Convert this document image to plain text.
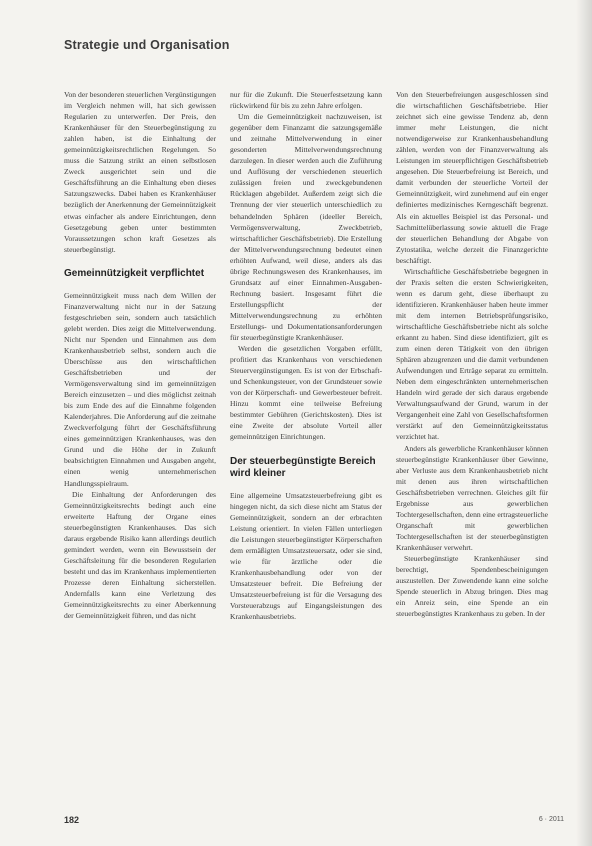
Strategie und Organisation

Von der besonderen steuerlichen Vergünstigungen im Vergleich nehmen will, hat sich gewissen Regularien zu unterwerfen. Der Preis, den Krankenhäuser für den Steuerbegünstigung zu zahlen haben, ist die Einhaltung der gemeinnützigkeitsrechtlichen Regelungen. So muss die Satzung strikt an einen selbstlosen Zweck ausgerichtet sein und die Geschäftsführung an die Einhaltung eben dieses Satzungszwecks. Dabei haben es Krankenhäuser bezüglich der Anerkennung der Gemeinnützigkeit etwas einfacher als andere Einrichtungen, denn Gesetzgebung geben unter bestimmten Voraussetzungen schon kraft Gesetzes als steuerbegünstigt.

Gemeinnützigkeit verpflichtet

Gemeinnützigkeit muss nach dem Willen der Finanzverwaltung nicht nur in der Satzung festgeschrieben sein, sondern auch tatsächlich gelebt werden. Dies zeigt die Mittelverwendung. Nicht nur Spenden und Einnahmen aus dem Krankenhausbetrieb selbst, sondern auch die Überschüsse aus den wirtschaftlichen Geschäftsbetrieben und der Vermögensverwaltung sind im gemeinnützigen Bereich einzusetzen – und dies möglichst zeitnah bis zum Ende des auf die Einnahme folgenden Kalenderjahres. Die Anforderung auf die zeitnahe Zweckverfolgung führt der Geschäftsführung eines gemeinnützigen Krankenhauses, was den Grund und die Höhe der in Zukunft beabsichtigten Einnahmen und Ausgaben angeht, einen wenig unternehmerischen Handlungsspielraum.

Die Einhaltung der Anforderungen des Gemeinnützigkeitsrechts bedingt auch eine erweiterte Haftung der Organe eines steuerbegünstigten Krankenhauses. Das sich daraus ergebende Risiko kann allerdings deutlich gemindert werden, wenn ein Bewusstsein der Geschäftsleitung für die besonderen Regularien besteht und das im Krankenhaus implementierten Prozesse deren Einhaltung sicherstellen. Andernfalls kann eine Verletzung des Gemeinnützigkeitsrechts zu einer Aberkennung der Gemeinnützigkeit führen, und das nicht

nur für die Zukunft. Die Steuerfestsetzung kann rückwirkend für bis zu zehn Jahre erfolgen.

Um die Gemeinnützigkeit nachzuweisen, ist gegenüber dem Finanzamt die satzungsgemäße und zeitnahe Mittelverwendung in einer gesonderten Mittelverwendungsrechnung darzulegen. In dieser werden auch die Zuführung und Auflösung der verschiedenen steuerlich zulässigen freien und zweckgebundenen Rücklagen abgebildet. Außerdem zeigt sich die Trennung der vier steuerlich unterschiedlich zu behandelnden Sphären (ideeller Bereich, Vermögensverwaltung, Zweckbetrieb, wirtschaftlicher Geschäftsbetrieb). Die Erstellung der Mittelverwendungsrechnung bedeutet einen erhöhten Aufwand, weil diese, anders als das übrige Rechnungswesen des Krankenhauses, im Grundsatz auf einer Einnahmen-Ausgaben-Rechnung basiert. Insgesamt führt die Erstellungspflicht der Mittelverwendungsrechnung zu erhöhten Erstellungs- und Dokumentationsanforderungen für steuerbegünstigte Krankenhäuser.

Werden die gesetzlichen Vorgaben erfüllt, profitiert das Krankenhaus von verschiedenen Steuervergünstigungen. Es ist von der Erbschaft- und Schenkungsteuer, von der Grundsteuer sowie von der Körperschaft- und Gewerbesteuer befreit. Hinzu kommt eine teilweise Befreiung bestimmter Gebühren (Gerichtskosten). Dies ist eine Zweite der absolute Vorteil aller gemeinnützigen Einrichtungen.

Der steuerbegünstigte Bereich wird kleiner

Eine allgemeine Umsatzsteuerbefreiung gibt es hingegen nicht, da sich diese nicht am Status der Gemeinnützigkeit, sondern an der erbrachten Leistung orientiert. In vielen Fällen unterliegen die Leistungen steuerbegünstigter Körperschaften dem ermäßigten Umsatzsteuersatz, oder sie sind, wie für ärztliche oder die Krankenhausbehandlung oder von der Umsatzsteuer befreit. Die Befreiung der Umsatzsteuerbefreiung ist für die Versagung des Vorsteuerabzugs auf Eingangsleistungen des Krankenhausbetriebs.

Von den Steuerbefreiungen ausgeschlossen sind die wirtschaftlichen Geschäftsbetriebe. Hier zeichnet sich eine gewisse Tendenz ab, denn immer mehr Leistungen, die nicht notwendigerweise zur Krankenhausbehandlung zählen, werden von der Finanzverwaltung als Leistungen im steuerpflichtigen Geschäftsbetrieb angesehen. Die Steuerbefreiung ist Bereich, und damit verbunden der steuerliche Vorteil der Gemeinnützigkeit, wird zunehmend auf ein enger definiertes medizinisches Kerngeschäft begrenzt. Als ein aktuelles Beispiel ist das Personal- und Sachmittelüberlassung sowie aktuell die Frage der steuerlichen Behandlung der Abgabe von Zytostatika, welche derzeit die Finanzgerichte beschäftigt.

Wirtschaftliche Geschäftsbetriebe begegnen in der Praxis selten die ersten Schwierigkeiten, wenn es darum geht, diese überhaupt zu identifizieren. Krankenhäuser haben heute immer mit dem internen Betriebsprüfungsrisiko, wirtschaftliche Geschäftsbetriebe nicht als solche erkannt zu haben. Sind diese identifiziert, gilt es zum einen deren Tätigkeit von den übrigen Sphären abzugrenzen und die damit verbundenen Aufwendungen und Erträge separat zu ermitteln. Neben dem eingeschränkten unternehmerischen Handeln wird gerade der sich daraus ergebende Verwaltungsaufwand der Grund, warum in der Vergangenheit eine Zahl von Gesellschaftsformen verstärkt auf den Gemeinnützigkeitsstatus verzichtet hat.

Anders als gewerbliche Krankenhäuser können steuerbegünstigte Krankenhäuser über Gewinne, aber Verluste aus dem Krankenhausbetrieb nicht mit denen aus ihren wirtschaftlichen Geschäftsbetrieben verrechnen. Gleiches gilt für Ergebnisse aus gewerblichen Tochtergesellschaften, denn eine ertragsteuerliche Organschaft mit gewerblichen Tochtergesellschaften ist der steuerbegünstigten Krankenhäuser verwehrt.

Steuerbegünstigte Krankenhäuser sind berechtigt, Spendenbescheinigungen auszustellen. Der Zuwendende kann eine solche Spende steuerlich in Abzug bringen. Dies mag ein Anreiz sein, eine Spende an ein steuerbegünstigtes Krankenhaus zu geben. In der

182	6 · 2011
